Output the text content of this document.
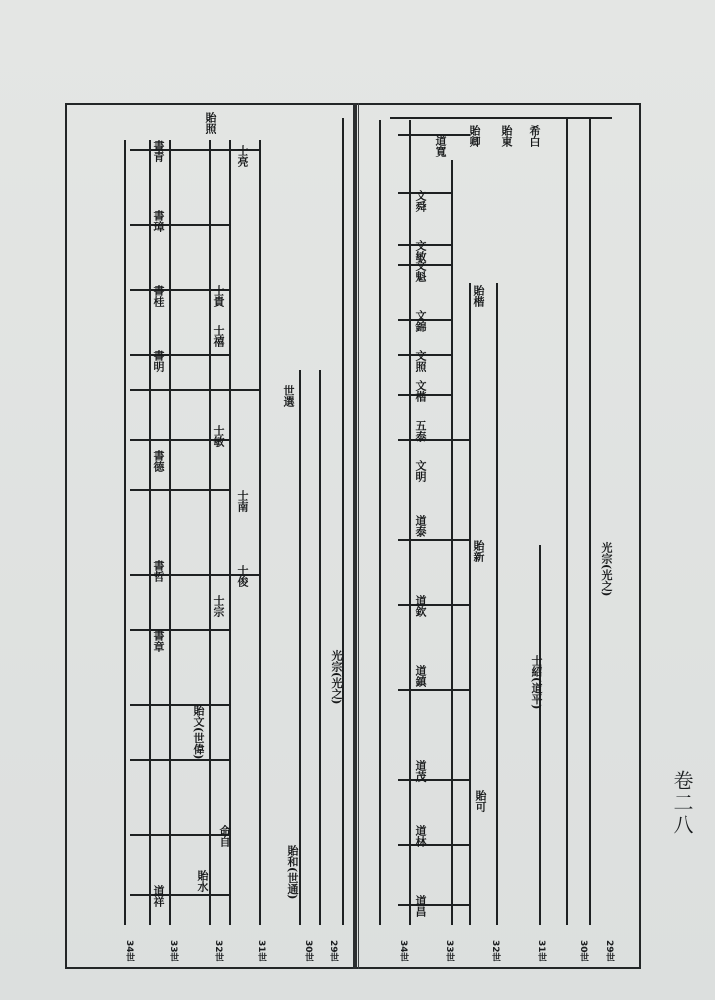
29世
30世
31世
32世
33世
34世
希白
貽卿 貽東
道寬
文舜
文敏
文魁
文錦
文照
貽楷
文楷
五泰
文明
道泰
貽新
道欽
道鎮
道茂
道林
道昌
貽可
光宗(光之)
士紹(道平)
29世
30世
31世
32世
33世
34世
貽照
士亮
士貴
士禧
士敏
士南
士俊
士宗
書青
書璋
書桂
書明
書德
書哲
書章
世選
光宗(光之)
貽文(世偉)
貽和(世通)
命自
貽水
道祥
卷二八
